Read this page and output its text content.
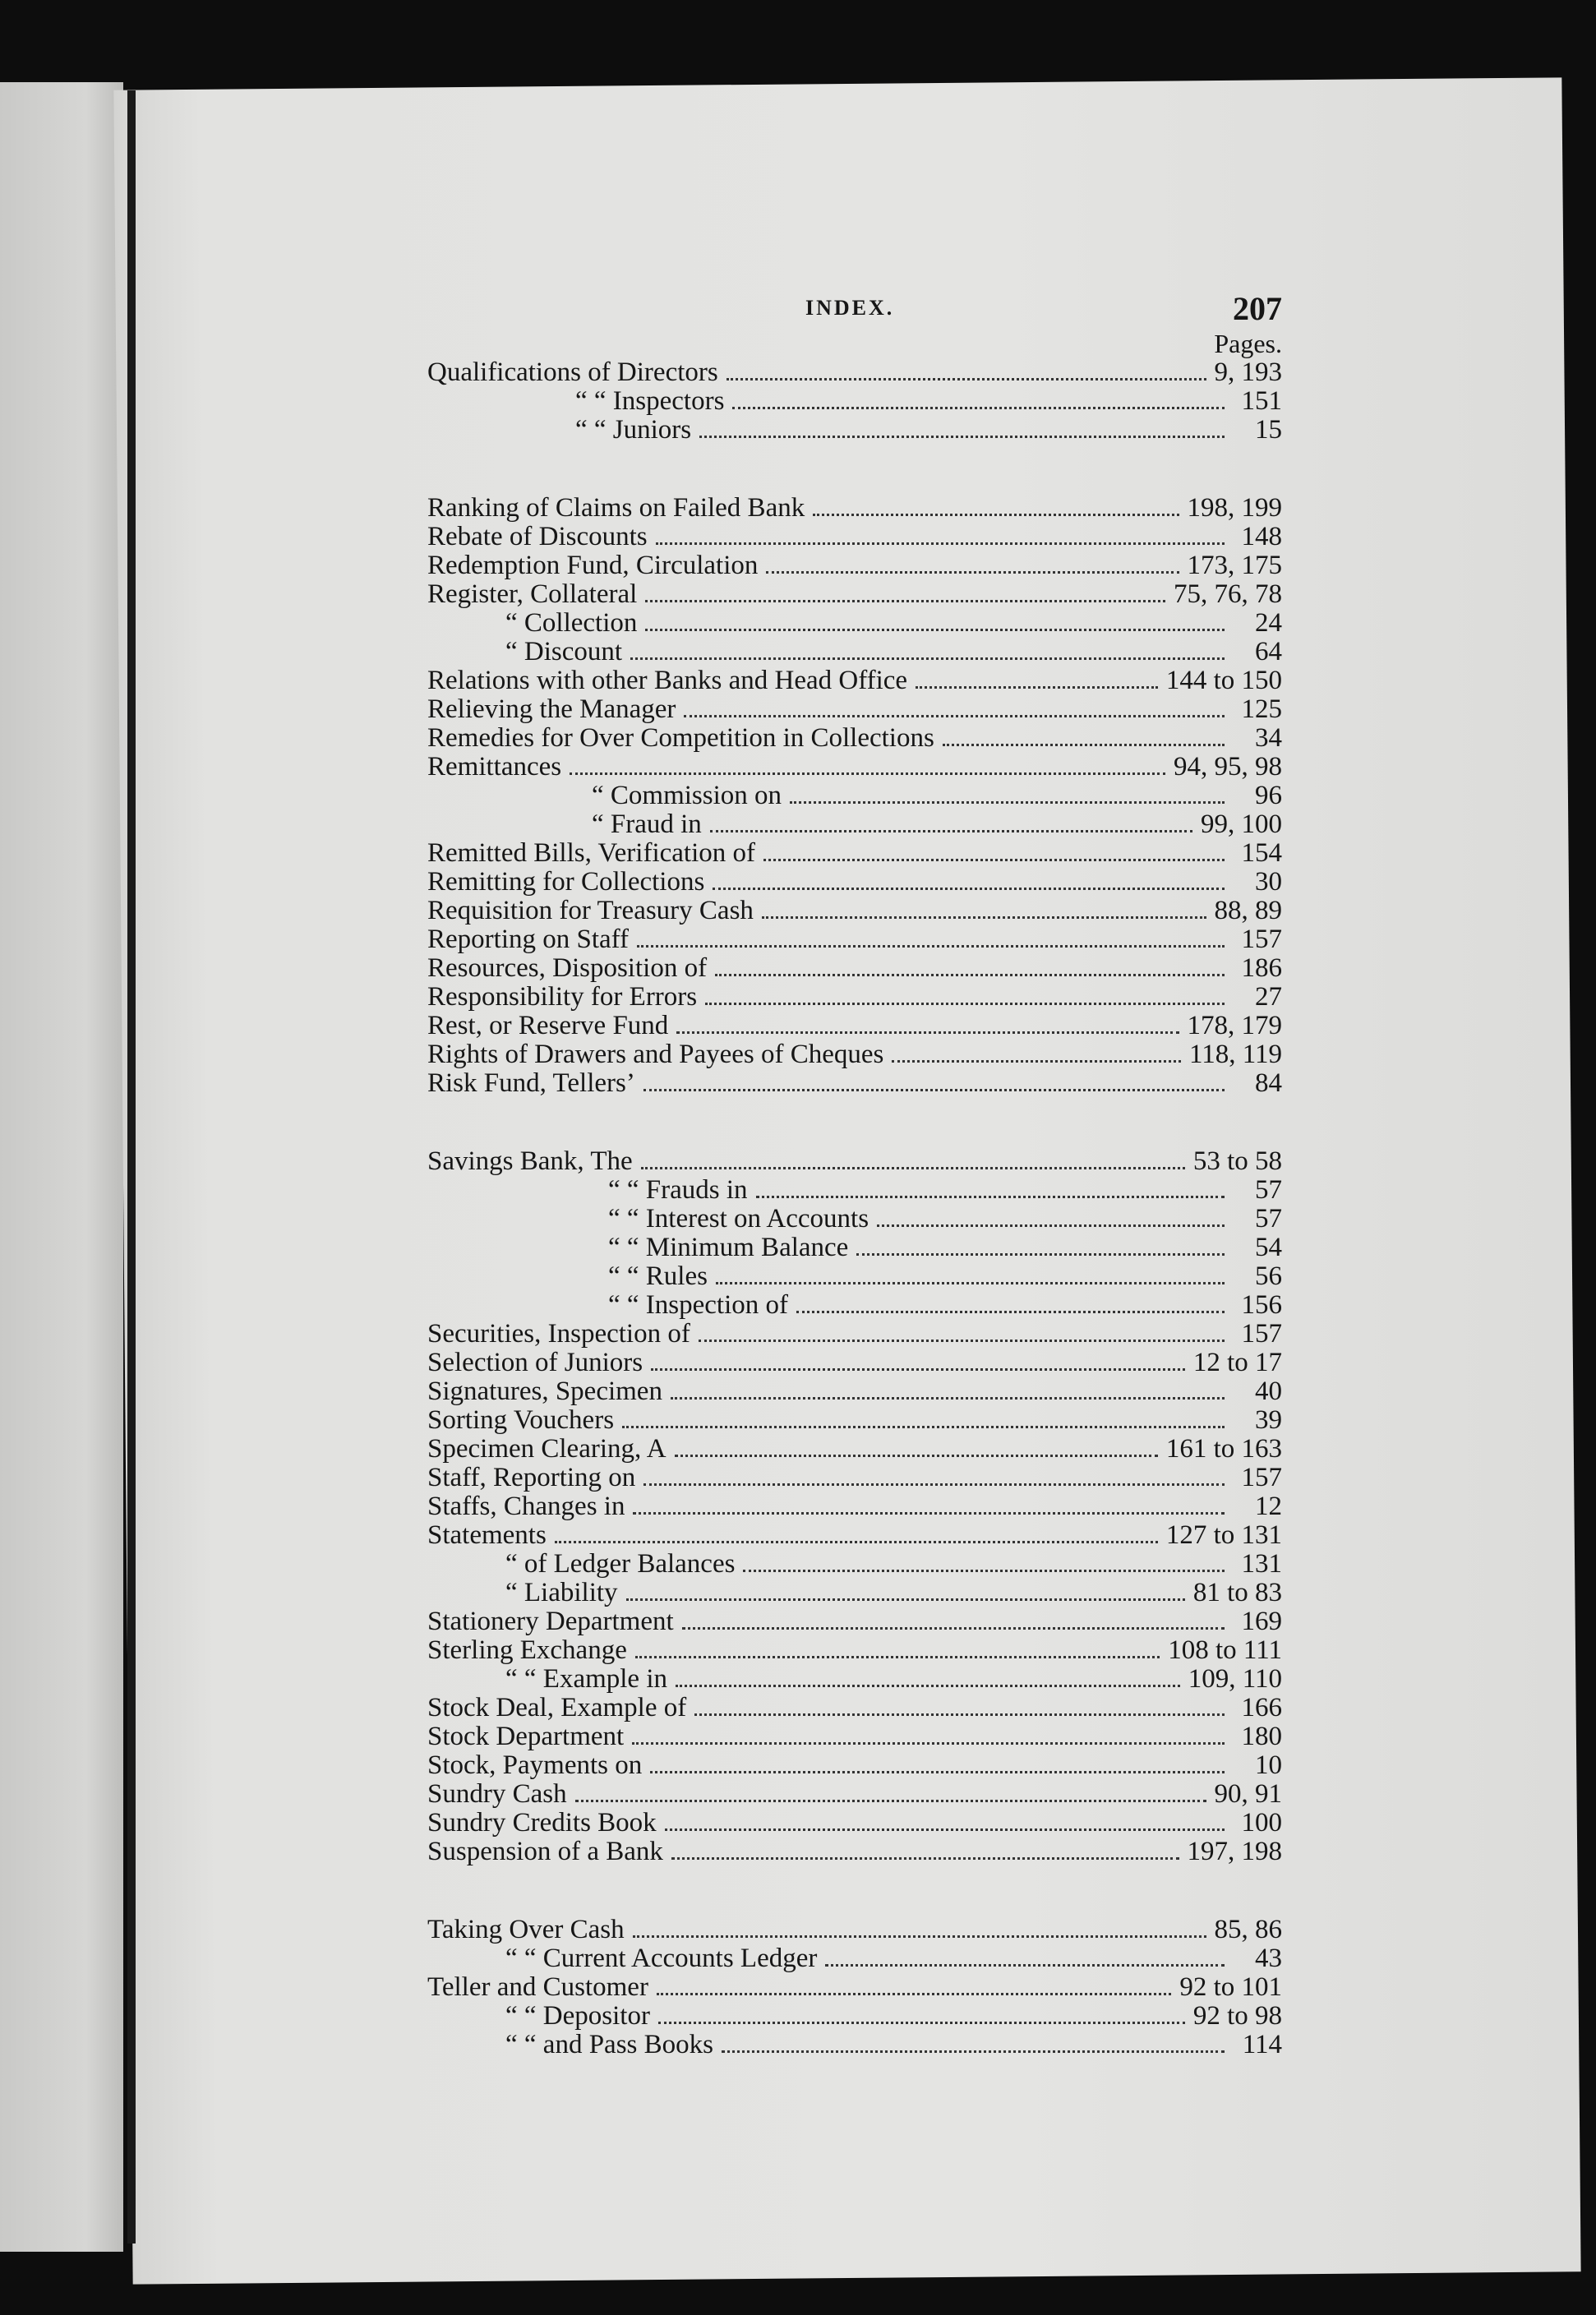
INDEX.	207
Pages.
Qualifications of Directors	9, 193
“ “ Inspectors	151
“ “ Juniors	15
Ranking of Claims on Failed Bank	198, 199
Rebate of Discounts	148
Redemption Fund, Circulation	173, 175
Register, Collateral	75, 76, 78
“ Collection	24
“ Discount	64
Relations with other Banks and Head Office	144 to 150
Relieving the Manager	125
Remedies for Over Competition in Collections	34
Remittances	94, 95, 98
“ Commission on	96
“ Fraud in	99, 100
Remitted Bills, Verification of	154
Remitting for Collections	30
Requisition for Treasury Cash	88, 89
Reporting on Staff	157
Resources, Disposition of	186
Responsibility for Errors	27
Rest, or Reserve Fund	178, 179
Rights of Drawers and Payees of Cheques	118, 119
Risk Fund, Tellers’	84
Savings Bank, The	53 to 58
“ “ Frauds in	57
“ “ Interest on Accounts	57
“ “ Minimum Balance	54
“ “ Rules	56
“ “ Inspection of	156
Securities, Inspection of	157
Selection of Juniors	12 to 17
Signatures, Specimen	40
Sorting Vouchers	39
Specimen Clearing, A	161 to 163
Staff, Reporting on	157
Staffs, Changes in	12
Statements	127 to 131
“ of Ledger Balances	131
“ Liability	81 to 83
Stationery Department	169
Sterling Exchange	108 to 111
“ “ Example in	109, 110
Stock Deal, Example of	166
Stock Department	180
Stock, Payments on	10
Sundry Cash	90, 91
Sundry Credits Book	100
Suspension of a Bank	197, 198
Taking Over Cash	85, 86
“ “ Current Accounts Ledger	43
Teller and Customer	92 to 101
“ “ Depositor	92 to 98
“ “ and Pass Books	114
